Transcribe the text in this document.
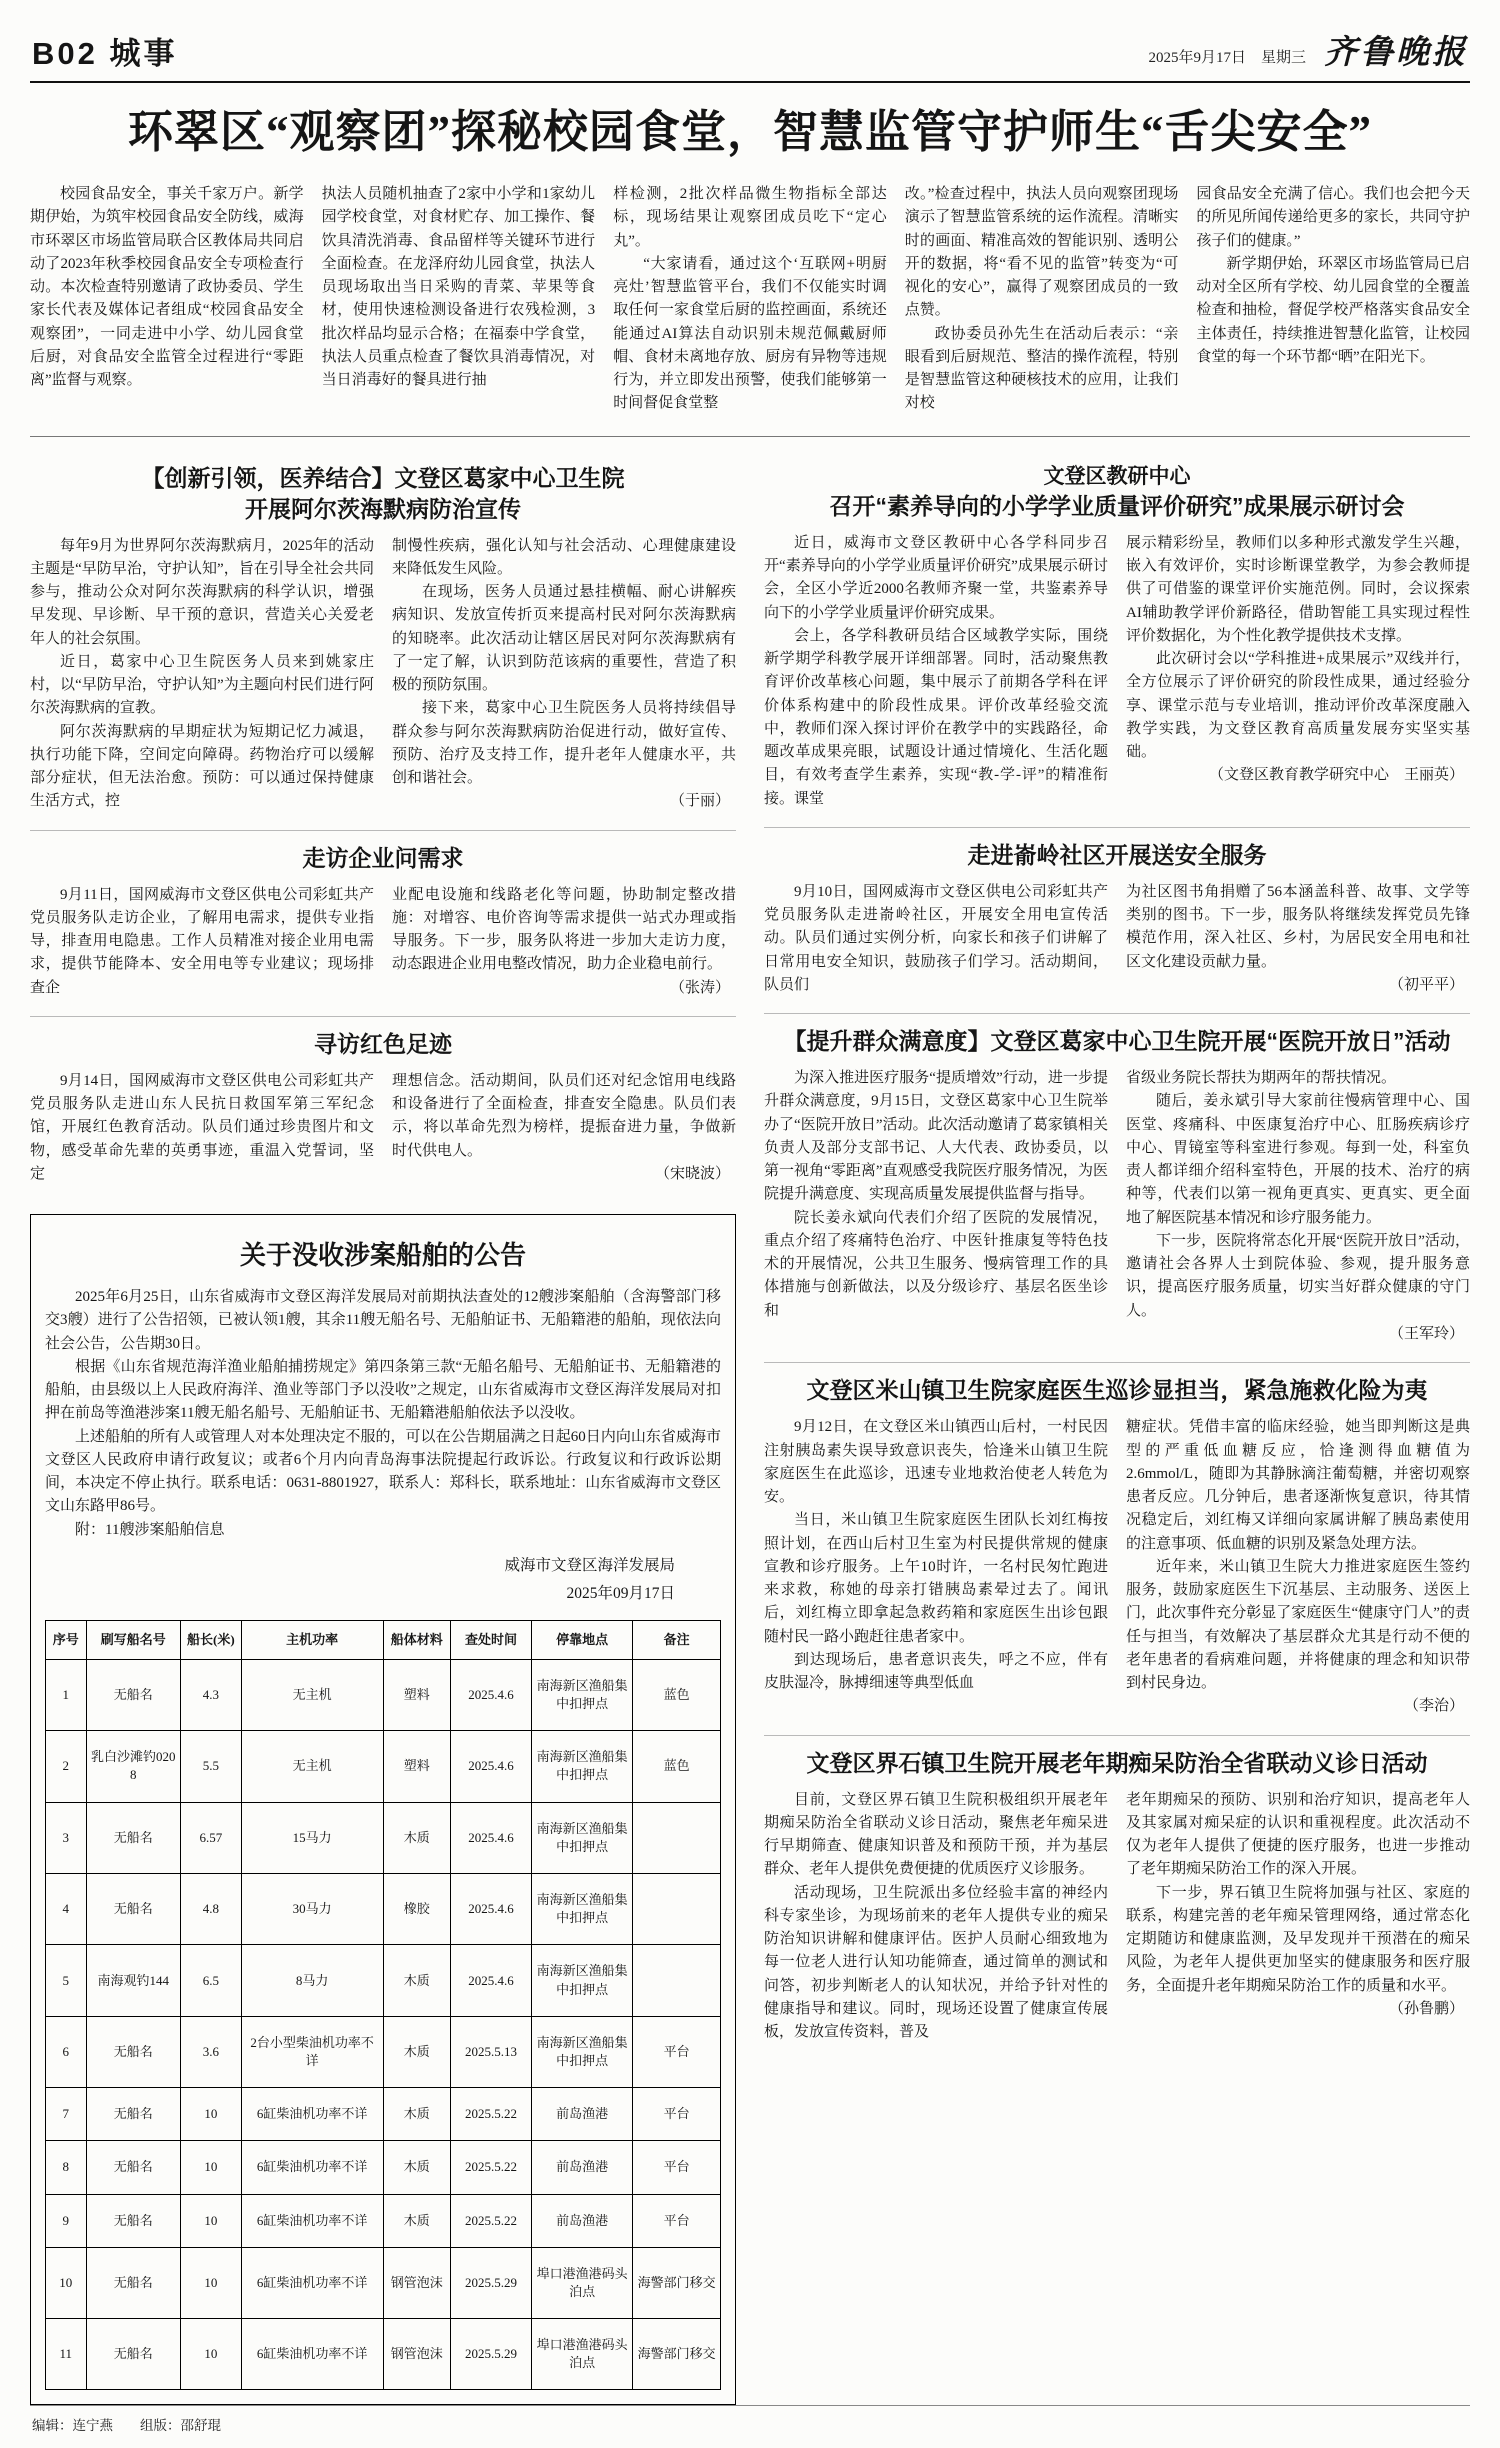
B02 城事	2025年9月17日　星期三 齐鲁晚报
环翠区“观察团”探秘校园食堂，智慧监管守护师生“舌尖安全”

校园食品安全，事关千家万户。新学期伊始，为筑牢校园食品安全防线，威海市环翠区市场监管局联合区教体局共同启动了2023年秋季校园食品安全专项检查行动。本次检查特别邀请了政协委员、学生家长代表及媒体记者组成“校园食品安全观察团”，一同走进中小学、幼儿园食堂后厨，对食品安全监管全过程进行“零距离”监督与观察。

执法人员随机抽查了2家中小学和1家幼儿园学校食堂，对食材贮存、加工操作、餐饮具清洗消毒、食品留样等关键环节进行全面检查。在龙泽府幼儿园食堂，执法人员现场取出当日采购的青菜、苹果等食材，使用快速检测设备进行农残检测，3批次样品均显示合格；在福泰中学食堂，执法人员重点检查了餐饮具消毒情况，对当日消毒好的餐具进行抽

样检测，2批次样品微生物指标全部达标，现场结果让观察团成员吃下“定心丸”。

“大家请看，通过这个‘互联网+明厨亮灶’智慧监管平台，我们不仅能实时调取任何一家食堂后厨的监控画面，系统还能通过AI算法自动识别未规范佩戴厨师帽、食材未离地存放、厨房有异物等违规行为，并立即发出预警，使我们能够第一时间督促食堂整

改。”检查过程中，执法人员向观察团现场演示了智慧监管系统的运作流程。清晰实时的画面、精准高效的智能识别、透明公开的数据，将“看不见的监管”转变为“可视化的安心”，赢得了观察团成员的一致点赞。

政协委员孙先生在活动后表示：“亲眼看到后厨规范、整洁的操作流程，特别是智慧监管这种硬核技术的应用，让我们对校

园食品安全充满了信心。我们也会把今天的所见所闻传递给更多的家长，共同守护孩子们的健康。”

新学期伊始，环翠区市场监管局已启动对全区所有学校、幼儿园食堂的全覆盖检查和抽检，督促学校严格落实食品安全主体责任，持续推进智慧化监管，让校园食堂的每一个环节都“晒”在阳光下。

【创新引领，医养结合】文登区葛家中心卫生院
开展阿尔茨海默病防治宣传

每年9月为世界阿尔茨海默病月，2025年的活动主题是“早防早治，守护认知”，旨在引导全社会共同参与，推动公众对阿尔茨海默病的科学认识，增强早发现、早诊断、早干预的意识，营造关心关爱老年人的社会氛围。

近日，葛家中心卫生院医务人员来到姚家庄村，以“早防早治，守护认知”为主题向村民们进行阿尔茨海默病的宣教。

阿尔茨海默病的早期症状为短期记忆力减退，执行功能下降，空间定向障碍。药物治疗可以缓解部分症状，但无法治愈。预防：可以通过保持健康生活方式，控

制慢性疾病，强化认知与社会活动、心理健康建设来降低发生风险。

在现场，医务人员通过悬挂横幅、耐心讲解疾病知识、发放宣传折页来提高村民对阿尔茨海默病的知晓率。此次活动让辖区居民对阿尔茨海默病有了一定了解，认识到防范该病的重要性，营造了积极的预防氛围。

接下来，葛家中心卫生院医务人员将持续倡导群众参与阿尔茨海默病防治促进行动，做好宣传、预防、治疗及支持工作，提升老年人健康水平，共创和谐社会。

（于丽）

走访企业问需求

9月11日，国网威海市文登区供电公司彩虹共产党员服务队走访企业，了解用电需求，提供专业指导，排查用电隐患。工作人员精准对接企业用电需求，提供节能降本、安全用电等专业建议；现场排查企

业配电设施和线路老化等问题，协助制定整改措施：对增容、电价咨询等需求提供一站式办理或指导服务。下一步，服务队将进一步加大走访力度，动态跟进企业用电整改情况，助力企业稳电前行。

（张涛）

寻访红色足迹

9月14日，国网威海市文登区供电公司彩虹共产党员服务队走进山东人民抗日救国军第三军纪念馆，开展红色教育活动。队员们通过珍贵图片和文物，感受革命先辈的英勇事迹，重温入党誓词，坚定

理想信念。活动期间，队员们还对纪念馆用电线路和设备进行了全面检查，排查安全隐患。队员们表示，将以革命先烈为榜样，提振奋进力量，争做新时代供电人。

（宋晓波）

关于没收涉案船舶的公告

2025年6月25日，山东省威海市文登区海洋发展局对前期执法查处的12艘涉案船舶（含海警部门移交3艘）进行了公告招领，已被认领1艘，其余11艘无船名号、无船舶证书、无船籍港的船舶，现依法向社会公告，公告期30日。

根据《山东省规范海洋渔业船舶捕捞规定》第四条第三款“无船名船号、无船舶证书、无船籍港的船舶，由县级以上人民政府海洋、渔业等部门予以没收”之规定，山东省威海市文登区海洋发展局对扣押在前岛等渔港涉案11艘无船名船号、无船舶证书、无船籍港船舶依法予以没收。

上述船舶的所有人或管理人对本处理决定不服的，可以在公告期届满之日起60日内向山东省威海市文登区人民政府申请行政复议；或者6个月内向青岛海事法院提起行政诉讼。行政复议和行政诉讼期间，本决定不停止执行。联系电话：0631-8801927，联系人：郑科长，联系地址：山东省威海市文登区文山东路甲86号。

附：11艘涉案船舶信息

威海市文登区海洋发展局
2025年09月17日
序号	刷写船名号	船长(米)	主机功率	船体材料	查处时间	停靠地点	备注
1	无船名	4.3	无主机	塑料	2025.4.6	南海新区渔船集中扣押点	蓝色
2	乳白沙滩钓0208	5.5	无主机	塑料	2025.4.6	南海新区渔船集中扣押点	蓝色
3	无船名	6.57	15马力	木质	2025.4.6	南海新区渔船集中扣押点	
4	无船名	4.8	30马力	橡胶	2025.4.6	南海新区渔船集中扣押点	
5	南海观钓144	6.5	8马力	木质	2025.4.6	南海新区渔船集中扣押点	
6	无船名	3.6	2台小型柴油机功率不详	木质	2025.5.13	南海新区渔船集中扣押点	平台
7	无船名	10	6缸柴油机功率不详	木质	2025.5.22	前岛渔港	平台
8	无船名	10	6缸柴油机功率不详	木质	2025.5.22	前岛渔港	平台
9	无船名	10	6缸柴油机功率不详	木质	2025.5.22	前岛渔港	平台
10	无船名	10	6缸柴油机功率不详	钢管泡沫	2025.5.29	埠口港渔港码头泊点	海警部门移交
11	无船名	10	6缸柴油机功率不详	钢管泡沫	2025.5.29	埠口港渔港码头泊点	海警部门移交
文登区教研中心
召开“素养导向的小学学业质量评价研究”成果展示研讨会

近日，威海市文登区教研中心各学科同步召开“素养导向的小学学业质量评价研究”成果展示研讨会，全区小学近2000名教师齐聚一堂，共鉴素养导向下的小学学业质量评价研究成果。

会上，各学科教研员结合区域教学实际，围绕新学期学科教学展开详细部署。同时，活动聚焦教育评价改革核心问题，集中展示了前期各学科在评价体系构建中的阶段性成果。评价改革经验交流中，教师们深入探讨评价在教学中的实践路径，命题改革成果亮眼，试题设计通过情境化、生活化题目，有效考查学生素养，实现“教-学-评”的精准衔接。课堂

展示精彩纷呈，教师们以多种形式激发学生兴趣，嵌入有效评价，实时诊断课堂教学，为参会教师提供了可借鉴的课堂评价实施范例。同时，会议探索AI辅助教学评价新路径，借助智能工具实现过程性评价数据化，为个性化教学提供技术支撑。

此次研讨会以“学科推进+成果展示”双线并行，全方位展示了评价研究的阶段性成果，通过经验分享、课堂示范与专业培训，推动评价改革深度融入教学实践，为文登区教育高质量发展夯实坚实基础。

（文登区教育教学研究中心　王丽英）

走进嵛岭社区开展送安全服务

9月10日，国网威海市文登区供电公司彩虹共产党员服务队走进嵛岭社区，开展安全用电宣传活动。队员们通过实例分析，向家长和孩子们讲解了日常用电安全知识，鼓励孩子们学习。活动期间，队员们

为社区图书角捐赠了56本涵盖科普、故事、文学等类别的图书。下一步，服务队将继续发挥党员先锋模范作用，深入社区、乡村，为居民安全用电和社区文化建设贡献力量。

（初平平）

【提升群众满意度】文登区葛家中心卫生院开展“医院开放日”活动

为深入推进医疗服务“提质增效”行动，进一步提升群众满意度，9月15日，文登区葛家中心卫生院举办了“医院开放日”活动。此次活动邀请了葛家镇相关负责人及部分支部书记、人大代表、政协委员，以第一视角“零距离”直观感受我院医疗服务情况，为医院提升满意度、实现高质量发展提供监督与指导。

院长姜永斌向代表们介绍了医院的发展情况，重点介绍了疼痛特色治疗、中医针推康复等特色技术的开展情况，公共卫生服务、慢病管理工作的具体措施与创新做法，以及分级诊疗、基层名医坐诊和

省级业务院长帮扶为期两年的帮扶情况。

随后，姜永斌引导大家前往慢病管理中心、国医堂、疼痛科、中医康复治疗中心、肛肠疾病诊疗中心、胃镜室等科室进行参观。每到一处，科室负责人都详细介绍科室特色，开展的技术、治疗的病种等，代表们以第一视角更真实、更真实、更全面地了解医院基本情况和诊疗服务能力。

下一步，医院将常态化开展“医院开放日”活动，邀请社会各界人士到院体验、参观，提升服务意识，提高医疗服务质量，切实当好群众健康的守门人。

（王军玲）

文登区米山镇卫生院家庭医生巡诊显担当，紧急施救化险为夷

9月12日，在文登区米山镇西山后村，一村民因注射胰岛素失误导致意识丧失，恰逢米山镇卫生院家庭医生在此巡诊，迅速专业地救治使老人转危为安。

当日，米山镇卫生院家庭医生团队长刘红梅按照计划，在西山后村卫生室为村民提供常规的健康宣教和诊疗服务。上午10时许，一名村民匆忙跑进来求救，称她的母亲打错胰岛素晕过去了。闻讯后，刘红梅立即拿起急救药箱和家庭医生出诊包跟随村民一路小跑赶往患者家中。

到达现场后，患者意识丧失，呼之不应，伴有皮肤湿冷，脉搏细速等典型低血

糖症状。凭借丰富的临床经验，她当即判断这是典型的严重低血糖反应，恰逢测得血糖值为2.6mmol/L，随即为其静脉滴注葡萄糖，并密切观察患者反应。几分钟后，患者逐渐恢复意识，待其情况稳定后，刘红梅又详细向家属讲解了胰岛素使用的注意事项、低血糖的识别及紧急处理方法。

近年来，米山镇卫生院大力推进家庭医生签约服务，鼓励家庭医生下沉基层、主动服务、送医上门，此次事件充分彰显了家庭医生“健康守门人”的责任与担当，有效解决了基层群众尤其是行动不便的老年患者的看病难问题，并将健康的理念和知识带到村民身边。

（李治）

文登区界石镇卫生院开展老年期痴呆防治全省联动义诊日活动

目前，文登区界石镇卫生院积极组织开展老年期痴呆防治全省联动义诊日活动，聚焦老年痴呆进行早期筛查、健康知识普及和预防干预，并为基层群众、老年人提供免费便捷的优质医疗义诊服务。

活动现场，卫生院派出多位经验丰富的神经内科专家坐诊，为现场前来的老年人提供专业的痴呆防治知识讲解和健康评估。医护人员耐心细致地为每一位老人进行认知功能筛查，通过简单的测试和问答，初步判断老人的认知状况，并给予针对性的健康指导和建议。同时，现场还设置了健康宣传展板，发放宣传资料，普及

老年期痴呆的预防、识别和治疗知识，提高老年人及其家属对痴呆症的认识和重视程度。此次活动不仅为老年人提供了便捷的医疗服务，也进一步推动了老年期痴呆防治工作的深入开展。

下一步，界石镇卫生院将加强与社区、家庭的联系，构建完善的老年痴呆管理网络，通过常态化定期随访和健康监测，及早发现并干预潜在的痴呆风险，为老年人提供更加坚实的健康服务和医疗服务，全面提升老年期痴呆防治工作的质量和水平。

（孙鲁鹏）

编辑：连宁燕　　组版：邵舒琨
